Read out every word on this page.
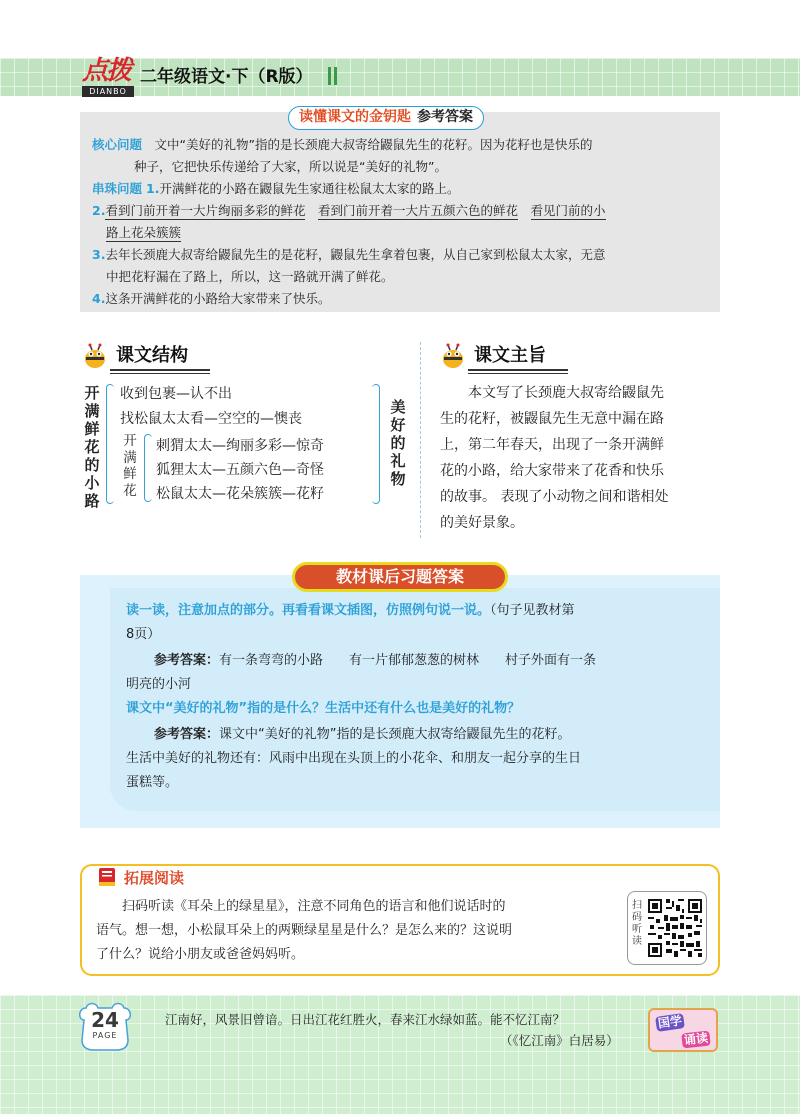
点拨
DIANBO
二年级语文·下（R版）
读懂课文的金钥匙 参考答案
核心问题　 文中“美好的礼物”指的是长颈鹿大叔寄给鼹鼠先生的花籽。因为花籽也是快乐的
种子，它把快乐传递给了大家，所以说是“美好的礼物”。
串珠问题 1.开满鲜花的小路在鼹鼠先生家通往松鼠太太家的路上。
2.看到门前开着一大片绚丽多彩的鲜花　 看到门前开着一大片五颜六色的鲜花　 看见门前的小
路上花朵簇簇
3.去年长颈鹿大叔寄给鼹鼠先生的是花籽，鼹鼠先生拿着包裹，从自己家到松鼠太太家，无意
中把花籽漏在了路上，所以，这一路就开满了鲜花。
4.这条开满鲜花的小路给大家带来了快乐。
课文结构
开
满
鲜
花
的
小
路
收到包裹—认不出
找松鼠太太看—空空的—懊丧
开
满
鲜
花
刺猬太太—绚丽多彩—惊奇
狐狸太太—五颜六色—奇怪
松鼠太太—花朵簇簇—花籽
美
好
的
礼
物
课文主旨

　　本文写了长颈鹿大叔寄给鼹鼠先

生的花籽，被鼹鼠先生无意中漏在路

上，第二年春天，出现了一条开满鲜

花的小路，给大家带来了花香和快乐

的故事。 表现了小动物之间和谐相处

的美好景象。

教材课后习题答案
读一读，注意加点的部分。再看看课文插图，仿照例句说一说。（句子见教材第
8页）
参考答案：有一条弯弯的小路　　有一片郁郁葱葱的树林　　村子外面有一条
明亮的小河
课文中“美好的礼物”指的是什么？生活中还有什么也是美好的礼物？
参考答案：课文中“美好的礼物”指的是长颈鹿大叔寄给鼹鼠先生的花籽。
生活中美好的礼物还有：风雨中出现在头顶上的小花伞、和朋友一起分享的生日
蛋糕等。
拓展阅读
　　扫码听读《耳朵上的绿星星》，注意不同角色的语言和他们说话时的
语气。想一想，小松鼠耳朵上的两颗绿星星是什么？是怎么来的？这说明
了什么？说给小朋友或爸爸妈妈听。
扫码听读
24
PAGE
江南好，风景旧曾谙。日出江花红胜火，春来江水绿如蓝。能不忆江南？
（《忆江南》白居易）
国学
诵读
